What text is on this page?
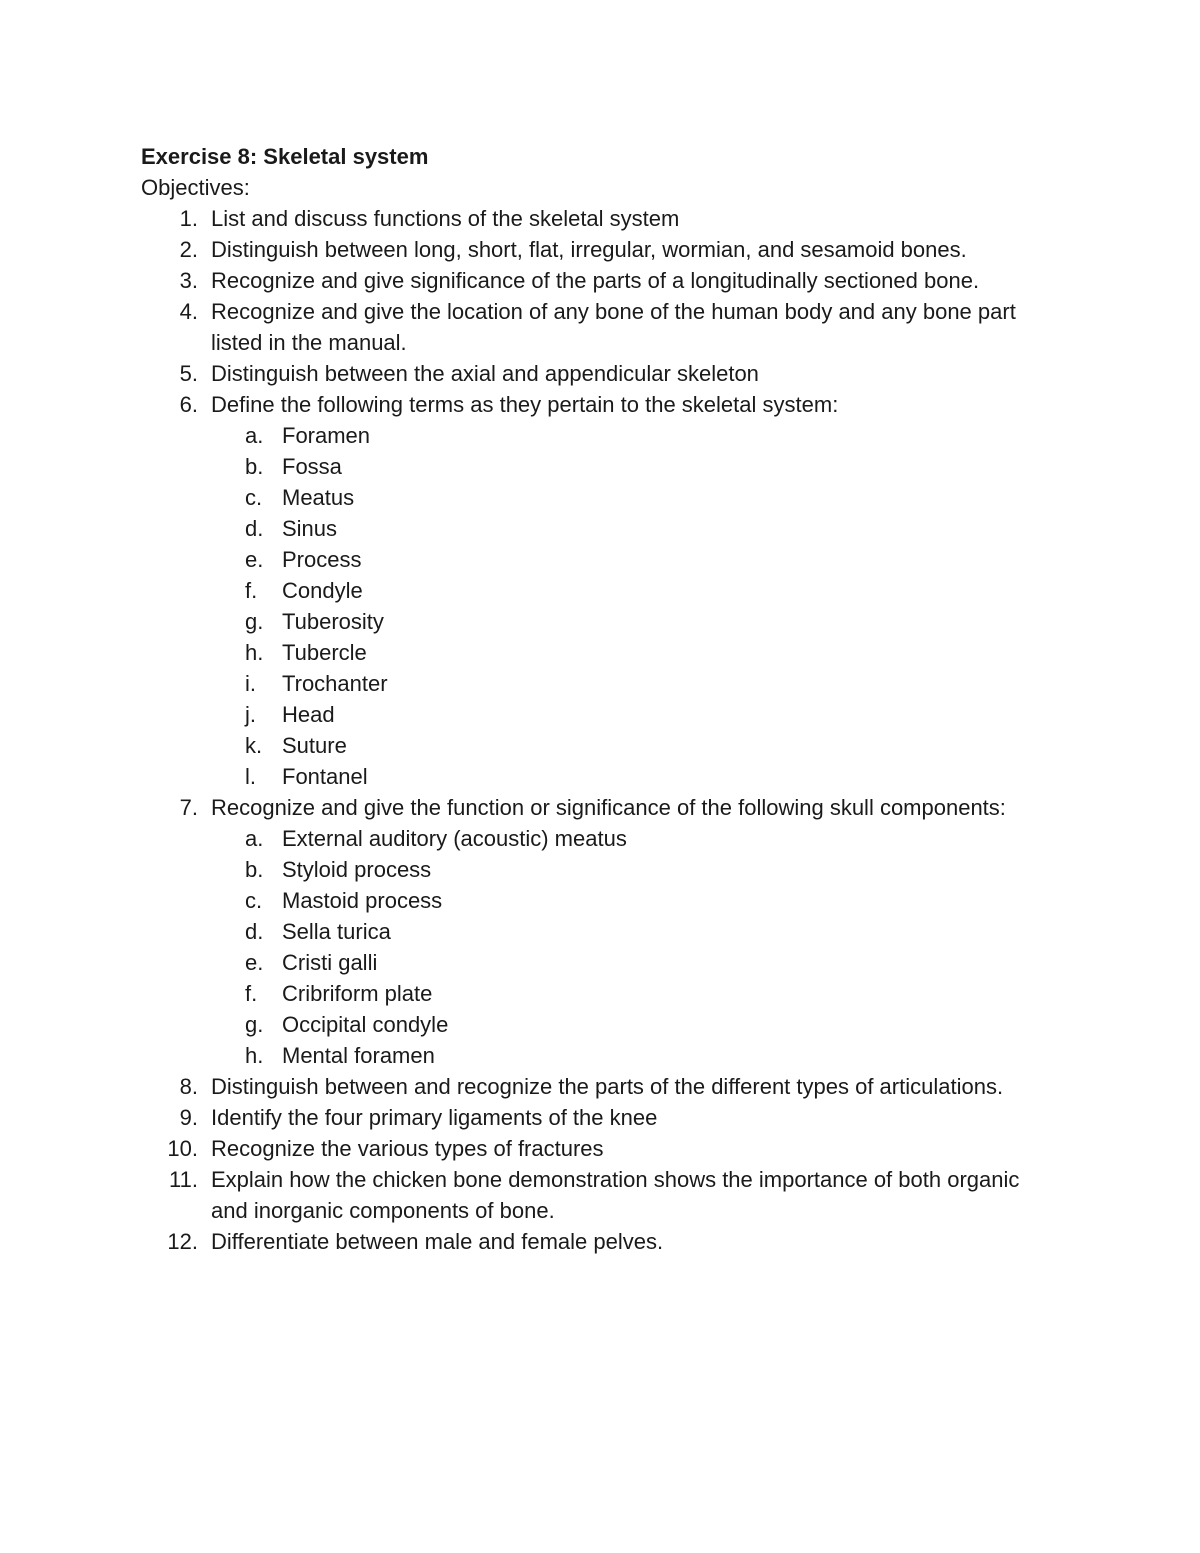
Exercise 8: Skeletal system
Objectives:
1. List and discuss functions of the skeletal system
2. Distinguish between long, short, flat, irregular, wormian, and sesamoid bones.
3. Recognize and give significance of the parts of a longitudinally sectioned bone.
4. Recognize and give the location of any bone of the human body and any bone part listed in the manual.
5. Distinguish between the axial and appendicular skeleton
6. Define the following terms as they pertain to the skeletal system:
a. Foramen
b. Fossa
c. Meatus
d. Sinus
e. Process
f.	Condyle
g. Tuberosity
h. Tubercle
i.	Trochanter
j.	Head
k. Suture
l.	Fontanel
7. Recognize and give the function or significance of the following skull components:
a. External auditory (acoustic) meatus
b. Styloid process
c. Mastoid process
d. Sella turica
e. Cristi galli
f.	Cribriform plate
g. Occipital condyle
h. Mental foramen
8. Distinguish between and recognize the parts of the different types of articulations.
9. Identify the four primary ligaments of the knee
10. Recognize the various types of fractures
11. Explain how the chicken bone demonstration shows the importance of both organic and inorganic components of bone.
12. Differentiate between male and female pelves.
